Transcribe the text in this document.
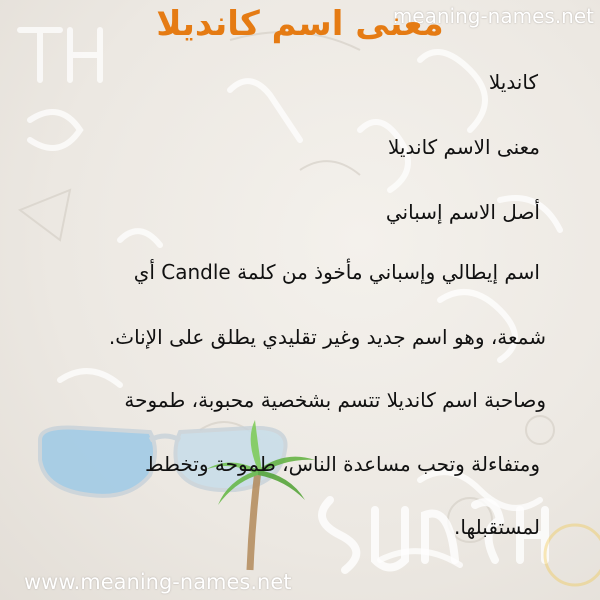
meaning-names.net
معنى اسم كانديلا
كانديلا
معنى الاسم كانديلا
أصل الاسم إسباني
اسم إيطالي وإسباني مأخوذ من كلمة Candle أي
شمعة، وهو اسم جديد وغير تقليدي يطلق على الإناث.
وصاحبة اسم كانديلا تتسم بشخصية محبوبة، طموحة
ومتفاءلة وتحب مساعدة الناس، طموحة وتخطط
لمستقبلها.
www.meaning-names.net
